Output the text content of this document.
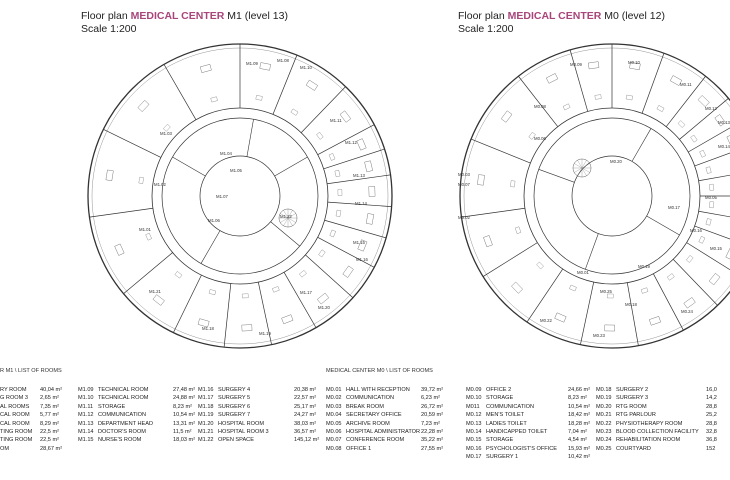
Floor plan MEDICAL CENTER M1 (level 13)
Scale 1:200
Floor plan MEDICAL CENTER M0 (level 12)
Scale 1:200
M1.09
M1.08
M1.10
M1.03
M1.04
M1.05
M1.07
M1.11
M1.12
M1.02
M1.13
M1.06
M1.22
M1.14
M1.15
M1.01
M1.16
M1.21	M1.17
M1.20
M1.18
M1.19
M0.09	M0.10
M0.11
M0.08	M0.12
M0.13
M0.14
M0.06
M0.07
M0.20
M0.03
M0.05
M0.02
M0.17
M0.16
M0.15
M0.19
M0.01
M0.25
M0.18
M0.22
M0.24
M0.23
R M1 \ LIST OF ROOMS
RY ROOM 40,04 m²
G ROOM 3 2,65 m²
AL ROOMS 7,35 m²
CAL ROOM 5,77 m²
CAL ROOM 8,29 m²
TING ROOM 22,5 m²
TING ROOM 22,5 m²
OM	28,67 m²
M1.09 TECHNICAL ROOM	27,48 m²
M1.10 TECHNICAL ROOM	24,88 m²
M1.11 STORAGE	8,23 m²
M1.12 COMMUNICATION	10,54 m²
M1.13 DEPARTMENT HEAD	13,31 m²
M1.14 DOCTOR'S ROOM	11,5 m²
M1.15 NURSE'S ROOM	18,03 m²
M1.16 SURGERY 4	20,38 m²
M1.17 SURGERY 5	22,57 m²
M1.18 SURGERY 6	25,17 m²
M1.19 SURGERY 7	24,27 m²
M1.20 HOSPITAL ROOM	38,03 m²
M1.21 HOSPITAL ROOM 3	36,57 m²
M1.22 OPEN SPACE	145,12 m²
MEDICAL CENTER M0 \ LIST OF ROOMS
M0.01 HALL WITH RECEPTION 39,72 m²
M0.02 COMMUNICATION	6,23 m²
M0.03 BREAK ROOM	26,72 m²
M0.04 SECRETARY OFFICE	20,59 m²
M0.05 ARCHIVE ROOM	7,23 m²
M0.06 HOSPITAL ADMINISTRATOR 22,28 m²
M0.07 CONFERENCE ROOM	35,22 m²
M0.08 OFFICE 1	27,55 m²
M0.09 OFFICE 2	24,66 m²
M0.10 STORAGE	8,23 m²
M011 COMMUNICATION	10,54 m²
M0.12 MEN'S TOILET	18,42 m²
M0.13 LADIES TOILET	18,28 m²
M0.14 HANDICAPPED TOILET	7,04 m²
M0.15 STORAGE	4,54 m²
M0.16 PSYCHOLOGIST'S OFFICE 15,93 m²
M0.17 SURGERY 1	10,42 m²
M0.18 SURGERY 2	16,0
M0.19 SURGERY 3	14,2
M0.20 RTG ROOM	28,8
M0.21 RTG PARLOUR	25,2
M0.22 PHYSIOTHERAPY ROOM	28,8
M0.23 BLOOD COLLECTION FACILITY 32,8
M0.24 REHABILITATION ROOM	36,8
M0.25 COURTYARD	152
